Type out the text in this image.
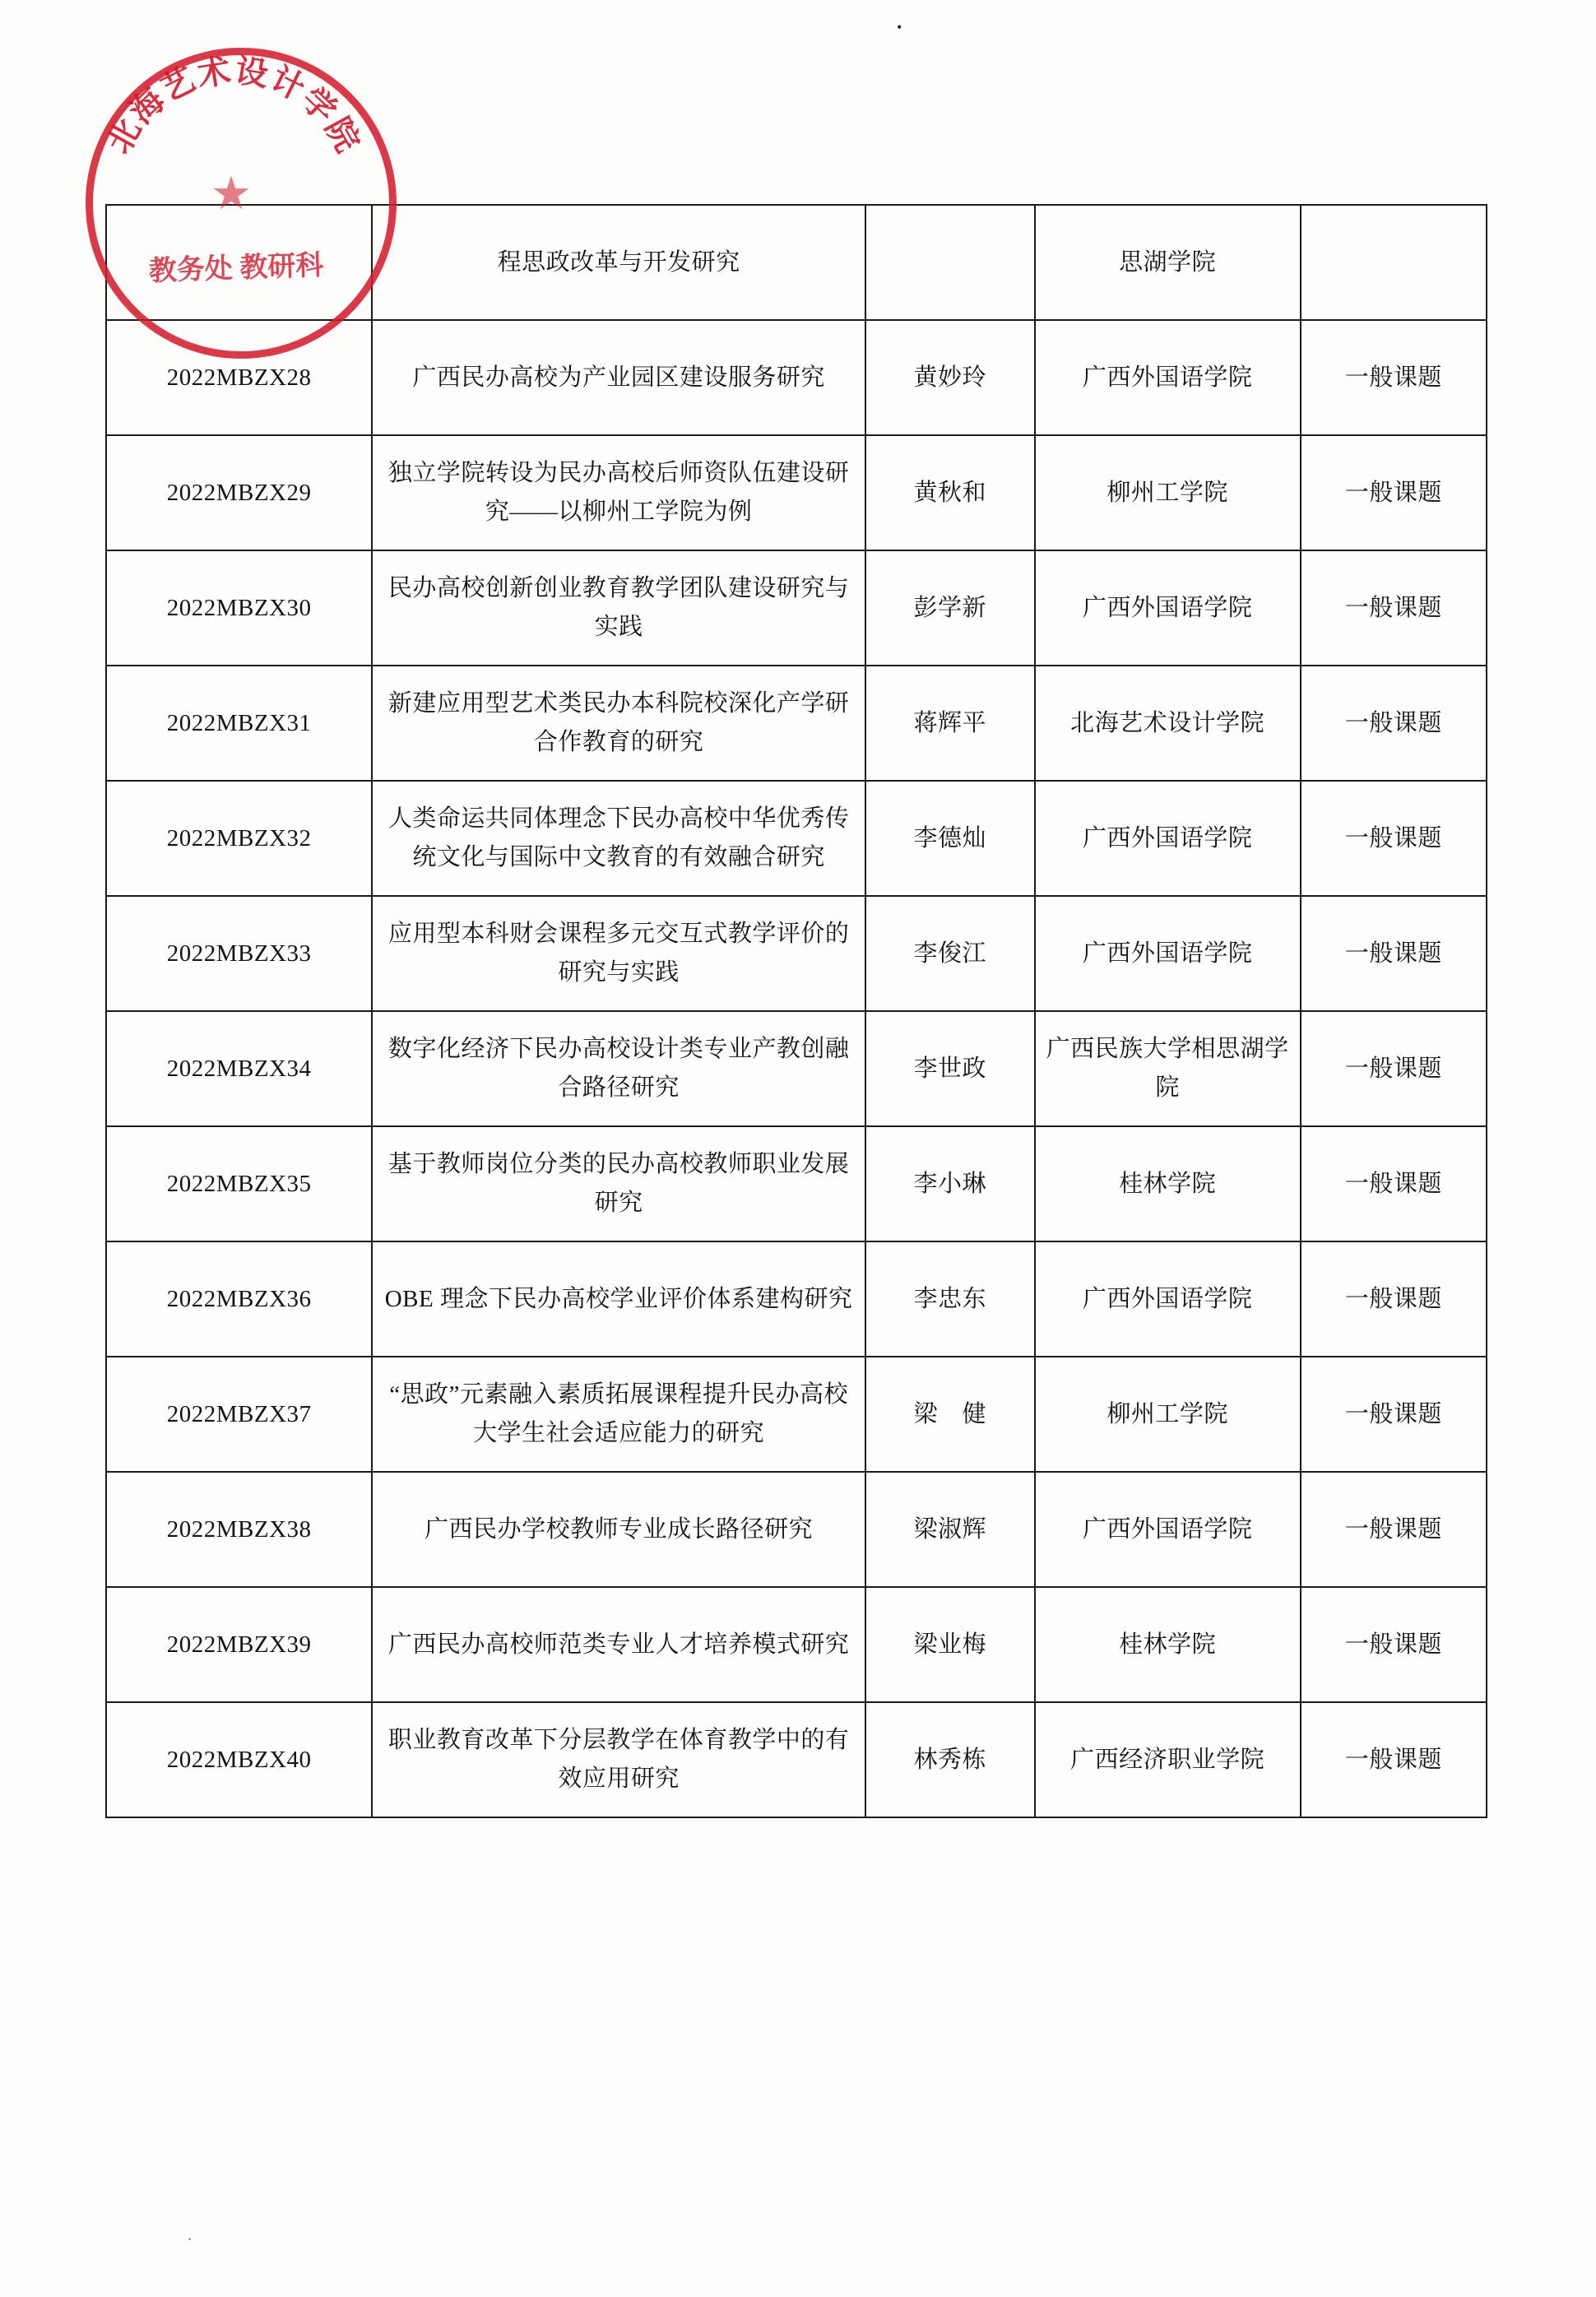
•
	程思政改革与开发研究		思湖学院	
2022MBZX28	广西民办高校为产业园区建设服务研究	黄妙玲	广西外国语学院	一般课题
2022MBZX29	独立学院转设为民办高校后师资队伍建设研究——以柳州工学院为例	黄秋和	柳州工学院	一般课题
2022MBZX30	民办高校创新创业教育教学团队建设研究与实践	彭学新	广西外国语学院	一般课题
2022MBZX31	新建应用型艺术类民办本科院校深化产学研合作教育的研究	蒋辉平	北海艺术设计学院	一般课题
2022MBZX32	人类命运共同体理念下民办高校中华优秀传统文化与国际中文教育的有效融合研究	李德灿	广西外国语学院	一般课题
2022MBZX33	应用型本科财会课程多元交互式教学评价的研究与实践	李俊江	广西外国语学院	一般课题
2022MBZX34	数字化经济下民办高校设计类专业产教创融合路径研究	李世政	广西民族大学相思湖学院	一般课题
2022MBZX35	基于教师岗位分类的民办高校教师职业发展研究	李小琳	桂林学院	一般课题
2022MBZX36	OBE 理念下民办高校学业评价体系建构研究	李忠东	广西外国语学院	一般课题
2022MBZX37	“思政”元素融入素质拓展课程提升民办高校大学生社会适应能力的研究	梁　健	柳州工学院	一般课题
2022MBZX38	广西民办学校教师专业成长路径研究	梁淑辉	广西外国语学院	一般课题
2022MBZX39	广西民办高校师范类专业人才培养模式研究	梁业梅	桂林学院	一般课题
2022MBZX40	职业教育改革下分层教学在体育教学中的有效应用研究	林秀栋	广西经济职业学院	一般课题
北海艺术设计学院
★
教务处 教研科
·
